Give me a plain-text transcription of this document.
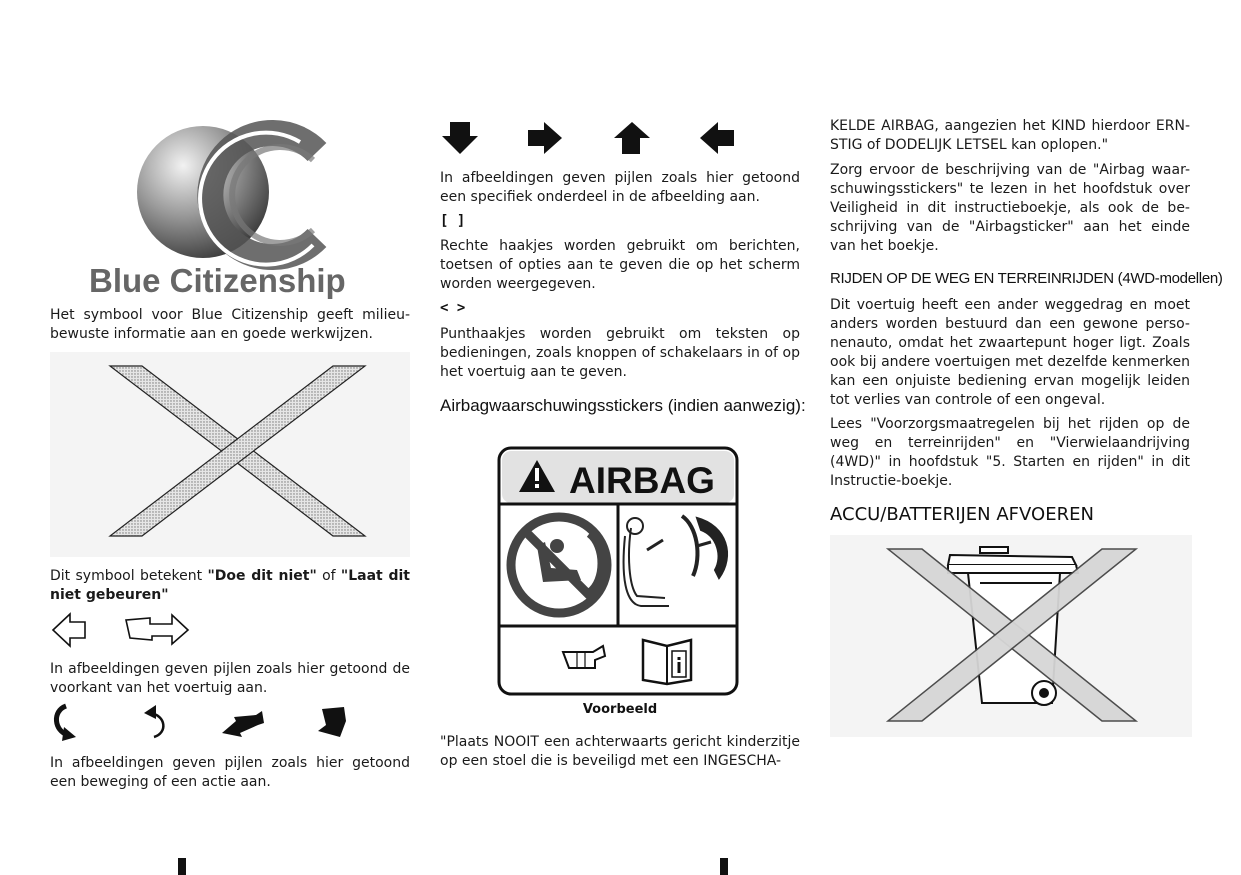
Blue Citizenship

Het symbool voor Blue Citizenship geeft milieu-bewuste informatie aan en goede werkwijzen.

Dit symbool betekent "Doe dit niet" of "Laat dit niet gebeuren"

In afbeeldingen geven pijlen zoals hier getoond de voorkant van het voertuig aan.

In afbeeldingen geven pijlen zoals hier getoond een beweging of een actie aan.

In afbeeldingen geven pijlen zoals hier getoond een specifiek onderdeel in de afbeelding aan.

[ ]

Rechte haakjes worden gebruikt om berichten, toetsen of opties aan te geven die op het scherm worden weergegeven.

< >

Punthaakjes worden gebruikt om teksten op bedieningen, zoals knoppen of schakelaars in of op het voertuig aan te geven.

Airbagwaarschuwingsstickers (indien aanwezig):
AIRBAG
Voorbeeld

"Plaats NOOIT een achterwaarts gericht kinderzitje op een stoel die is beveiligd met een INGESCHA-

KELDE AIRBAG, aangezien het KIND hierdoor ERN-STIG of DODELIJK LETSEL kan oplopen."

Zorg ervoor de beschrijving van de "Airbag waar-schuwingsstickers" te lezen in het hoofdstuk over Veiligheid in dit instructieboekje, als ook de be-schrijving van de "Airbagsticker" aan het einde van het boekje.

RIJDEN OP DE WEG EN TERREINRIJDEN (4WD-modellen)

Dit voertuig heeft een ander weggedrag en moet anders worden bestuurd dan een gewone perso-nenauto, omdat het zwaartepunt hoger ligt. Zoals ook bij andere voertuigen met dezelfde kenmerken kan een onjuiste bediening ervan mogelijk leiden tot verlies van controle of een ongeval.

Lees "Voorzorgsmaatregelen bij het rijden op de weg en terreinrijden" en "Vierwielaandrijving (4WD)" in hoofdstuk "5. Starten en rijden" in dit Instructie-boekje.

ACCU/BATTERIJEN AFVOEREN
